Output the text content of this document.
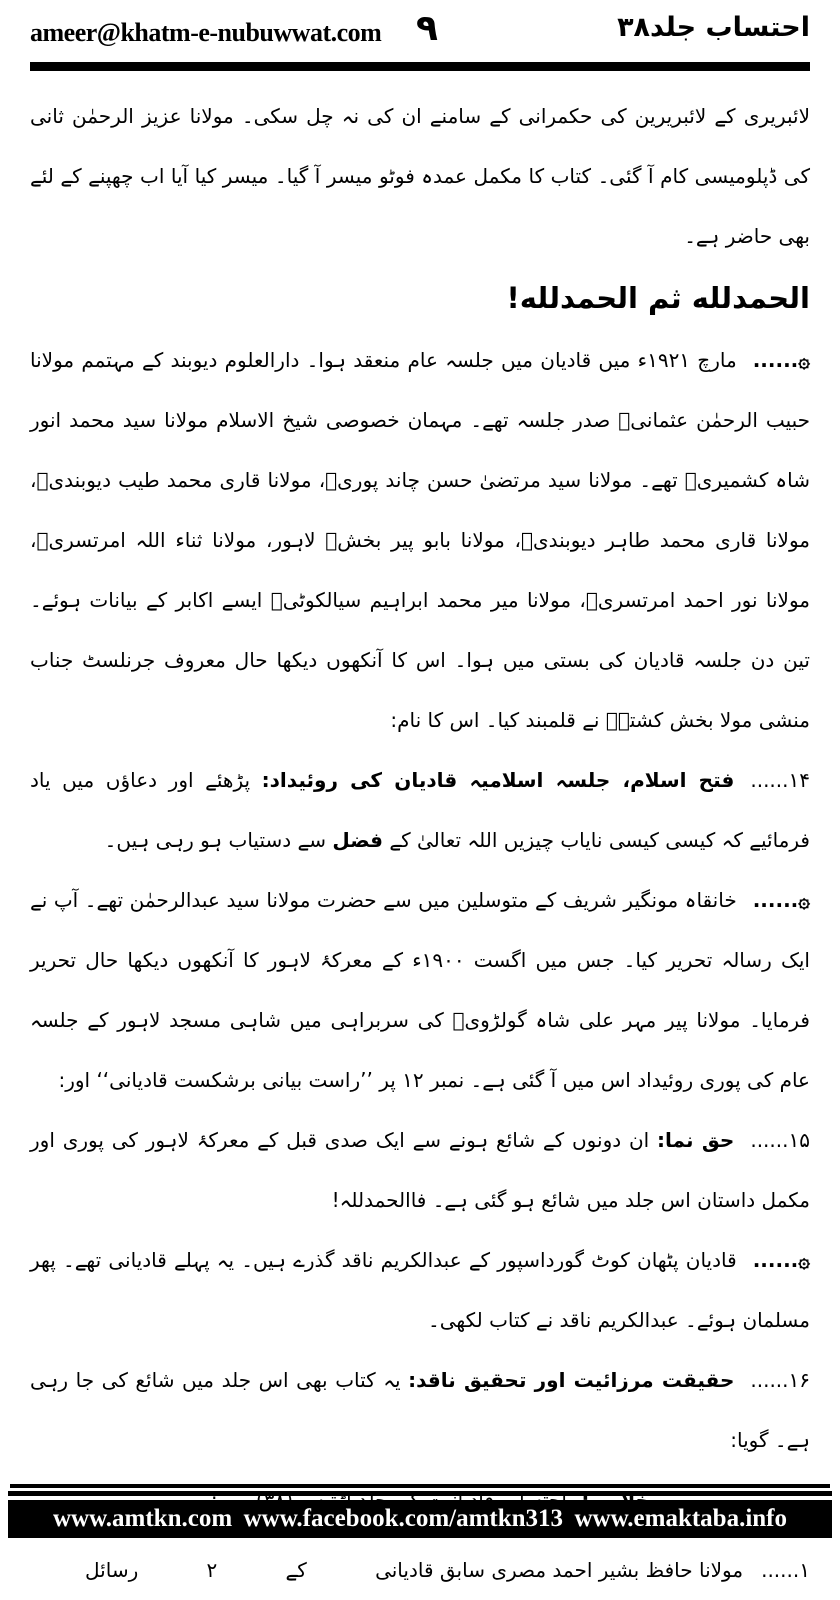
ameer@khatm-e-nubuwwat.com ۹	احتساب جلد۳۸

لائبریری کے لائبریرین کی حکمرانی کے سامنے ان کی نہ چل سکی۔ مولانا عزیز الرحمٰن ثانی کی ڈپلومیسی کام آ گئی۔ کتاب کا مکمل عمدہ فوٹو میسر آ گیا۔ میسر کیا آیا اب چھپنے کے لئے بھی حاضر ہے۔

الحمدلله ثم الحمدلله!

۞......مارچ ۱۹۲۱ء میں قادیان میں جلسہ عام منعقد ہوا۔ دارالعلوم دیوبند کے مہتمم مولانا حبیب الرحمٰن عثمانیؒ صدر جلسہ تھے۔ مہمان خصوصی شیخ الاسلام مولانا سید محمد انور شاہ کشمیریؒ تھے۔ مولانا سید مرتضیٰ حسن چاند پوریؒ، مولانا قاری محمد طیب دیوبندیؒ، مولانا قاری محمد طاہر دیوبندیؒ، مولانا بابو پیر بخشؒ لاہور، مولانا ثناء اللہ امرتسریؒ، مولانا نور احمد امرتسریؒ، مولانا میر محمد ابراہیم سیالکوٹیؒ ایسے اکابر کے بیانات ہوئے۔ تین دن جلسہ قادیان کی بستی میں ہوا۔ اس کا آنکھوں دیکھا حال معروف جرنلسٹ جناب منشی مولا بخش کشتہؒ نے قلمبند کیا۔ اس کا نام:

۱۴......فتح اسلام، جلسہ اسلامیہ قادیان کی روئیداد: پڑھئے اور دعاؤں میں یاد فرمائیے کہ کیسی کیسی نایاب چیزیں اللہ تعالیٰ کے فضل سے دستیاب ہو رہی ہیں۔

۞......خانقاہ مونگیر شریف کے متوسلین میں سے حضرت مولانا سید عبدالرحمٰن تھے۔ آپ نے ایک رسالہ تحریر کیا۔ جس میں اگست ۱۹۰۰ء کے معرکۂ لاہور کا آنکھوں دیکھا حال تحریر فرمایا۔ مولانا پیر مہر علی شاہ گولڑویؒ کی سربراہی میں شاہی مسجد لاہور کے جلسہ عام کی پوری روئیداد اس میں آ گئی ہے۔ نمبر ۱۲ پر ’’راست بیانی برشکست قادیانی‘‘ اور:

۱۵......حق نما: ان دونوں کے شائع ہونے سے ایک صدی قبل کے معرکۂ لاہور کی پوری اور مکمل داستان اس جلد میں شائع ہو گئی ہے۔ فاالحمدللہ!

۞......قادیان پٹھان کوٹ گورداسپور کے عبدالکریم ناقد گذرے ہیں۔ یہ پہلے قادیانی تھے۔ پھر مسلمان ہوئے۔ عبدالکریم ناقد نے کتاب لکھی۔

۱۶......حقیقت مرزائیت اور تحقیق ناقد: یہ کتاب بھی اس جلد میں شائع کی جا رہی ہے۔ گویا:

۱......مولانا حافظ بشیر احمد مصری سابق قادیانی
کے
۲
رسائل
www.amtkn.com www.facebook.com/amtkn313 www.emaktaba.info
